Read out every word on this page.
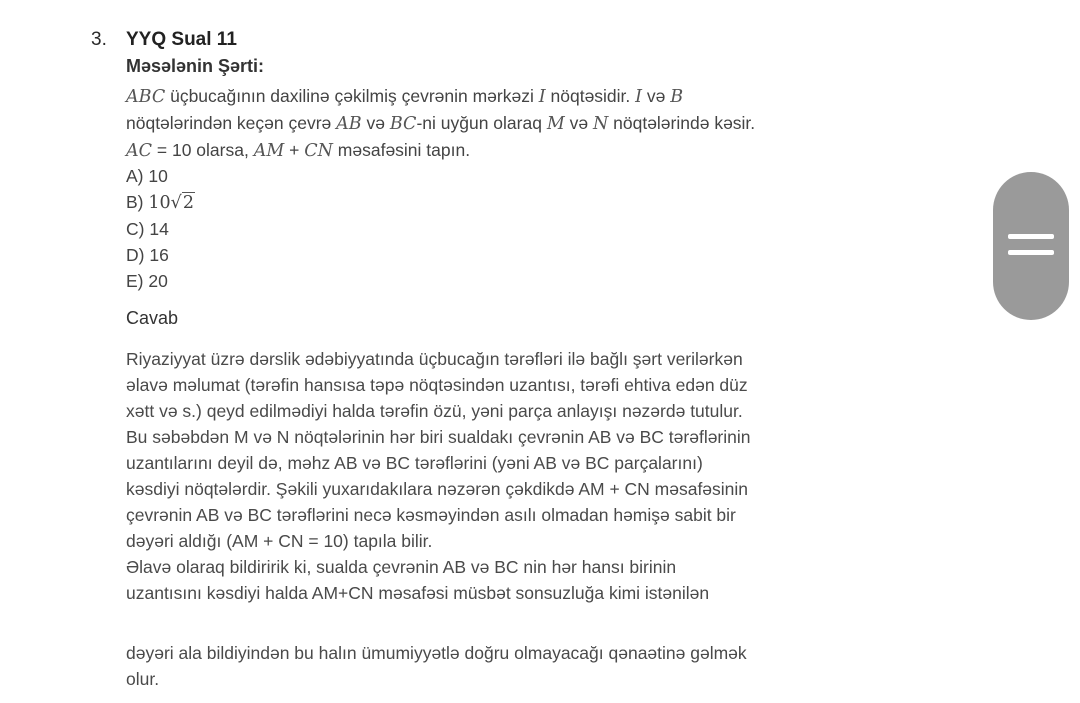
3. YYQ Sual 11
Məsələnin Şərti:
ABC üçbucağının daxilinə çəkilmiş çevrənin mərkəzi I nöqtəsidir. I və B
nöqtələrindən keçən çevrə AB və BC-ni uyğun olaraq M və N nöqtələrində kəsir.
AC = 10 olarsa, AM + CN məsafəsini tapın.
A) 10
B) 10√2
C) 14
D) 16
E) 20
Cavab
Riyaziyyat üzrə dərslik ədəbiyyatında üçbucağın tərəfləri ilə bağlı şərt verilərkən
əlavə məlumat (tərəfin hansısa təpə nöqtəsindən uzantısı, tərəfi ehtiva edən düz
xətt və s.) qeyd edilmədiyi halda tərəfin özü, yəni parça anlayışı nəzərdə tutulur.
Bu səbəbdən M və N nöqtələrinin hər biri sualdakı çevrənin AB və BC tərəflərinin
uzantılarını deyil də, məhz AB və BC tərəflərini (yəni AB və BC parçalarını)
kəsdiyi nöqtələrdir. Şəkili yuxarıdakılara nəzərən çəkdikdə AM + CN məsafəsinin
çevrənin AB və BC tərəflərini necə kəsməyindən asılı olmadan həmişə sabit bir
dəyəri aldığı (AM + CN = 10) tapıla bilir.
Əlavə olaraq bildiririk ki, sualda çevrənin AB və BC nin hər hansı birinin
uzantısını kəsdiyi halda AM+CN məsafəsi müsbət sonsuzluğa kimi istənilən
dəyəri ala bildiyindən bu halın ümumiyyətlə doğru olmayacağı qənaətinə gəlmək
olur.
